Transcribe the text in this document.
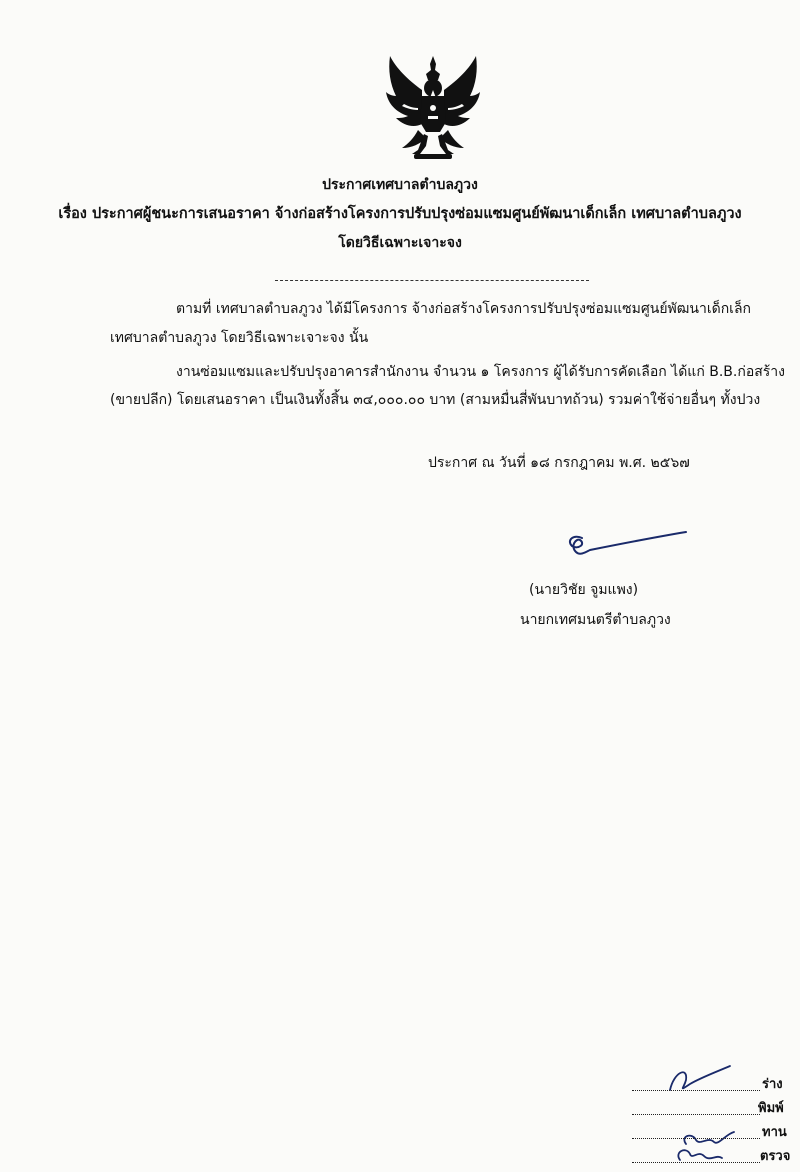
ประกาศเทศบาลตำบลภูวง
เรื่อง ประกาศผู้ชนะการเสนอราคา จ้างก่อสร้างโครงการปรับปรุงซ่อมแซมศูนย์พัฒนาเด็กเล็ก เทศบาลตำบลภูวง
โดยวิธีเฉพาะเจาะจง
ตามที่ เทศบาลตำบลภูวง ได้มีโครงการ จ้างก่อสร้างโครงการปรับปรุงซ่อมแซมศูนย์พัฒนาเด็กเล็ก
เทศบาลตำบลภูวง โดยวิธีเฉพาะเจาะจง นั้น
งานซ่อมแซมและปรับปรุงอาคารสำนักงาน จำนวน ๑ โครงการ ผู้ได้รับการคัดเลือก ได้แก่ B.B.ก่อสร้าง
(ขายปลีก) โดยเสนอราคา เป็นเงินทั้งสิ้น ๓๔,๐๐๐.๐๐ บาท (สามหมื่นสี่พันบาทถ้วน) รวมค่าใช้จ่ายอื่นๆ ทั้งปวง
ประกาศ ณ วันที่ ๑๘ กรกฎาคม พ.ศ. ๒๕๖๗
(นายวิชัย จูมแพง)
นายกเทศมนตรีตำบลภูวง
ร่าง
พิมพ์
ทาน
ตรวจ
